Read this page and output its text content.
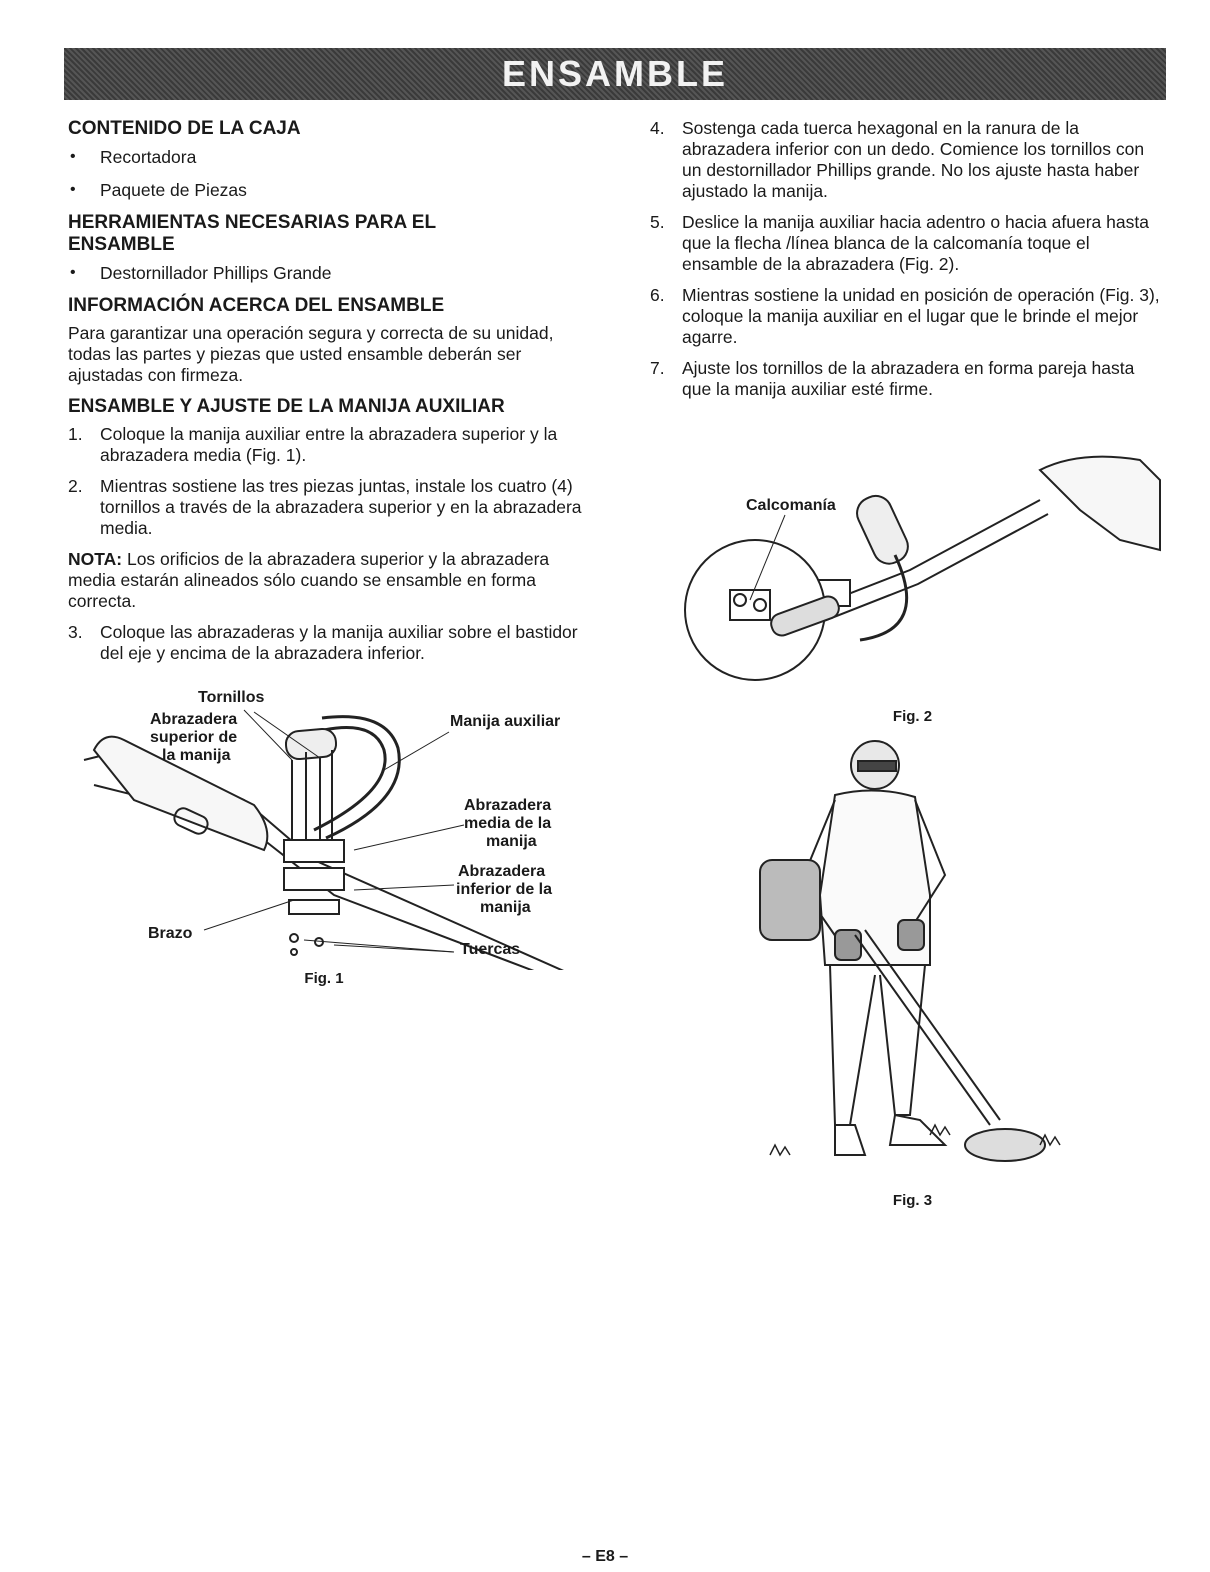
ENSAMBLE
CONTENIDO DE LA CAJA
• Recortadora
• Paquete de Piezas
HERRAMIENTAS NECESARIAS PARA EL ENSAMBLE
• Destornillador Phillips Grande
INFORMACIÓN ACERCA DEL ENSAMBLE

Para garantizar una operación segura y correcta de su unidad, todas las partes y piezas que usted ensamble deberán ser ajustadas con firmeza.

ENSAMBLE Y AJUSTE DE LA MANIJA AUXILIAR
1. Coloque la manija auxiliar entre la abrazadera superior y la abrazadera media (Fig. 1).
2. Mientras sostiene las tres piezas juntas, instale los cuatro (4) tornillos a través de la abrazadera superior y en la abrazadera media.

NOTA: Los orificios de la abrazadera superior y la abrazadera media estarán alineados sólo cuando se ensamble en forma correcta.

3. Coloque las abrazaderas y la manija auxiliar sobre el bastidor del eje y encima de la abrazadera inferior.
Tornillos
Manija auxiliar
Abrazadera
superior de
la manija
Abrazadera
media de la
manija
Abrazadera
inferior de la
manija
Brazo
Tuercas
Fig. 1
4. Sostenga cada tuerca hexagonal en la ranura de la abrazadera inferior con un dedo. Comience los tornillos con un destornillador Phillips grande. No los ajuste hasta haber ajustado la manija.
5. Deslice la manija auxiliar hacia adentro o hacia afuera hasta que la flecha /línea blanca de la calcomanía toque el ensamble de la abrazadera (Fig. 2).
6. Mientras sostiene la unidad en posición de operación (Fig. 3), coloque la manija auxiliar en el lugar que le brinde el mejor agarre.
7. Ajuste los tornillos de la abrazadera en forma pareja hasta que la manija auxiliar esté firme.
Calcomanía
Fig. 2
Fig. 3
– E8 –
